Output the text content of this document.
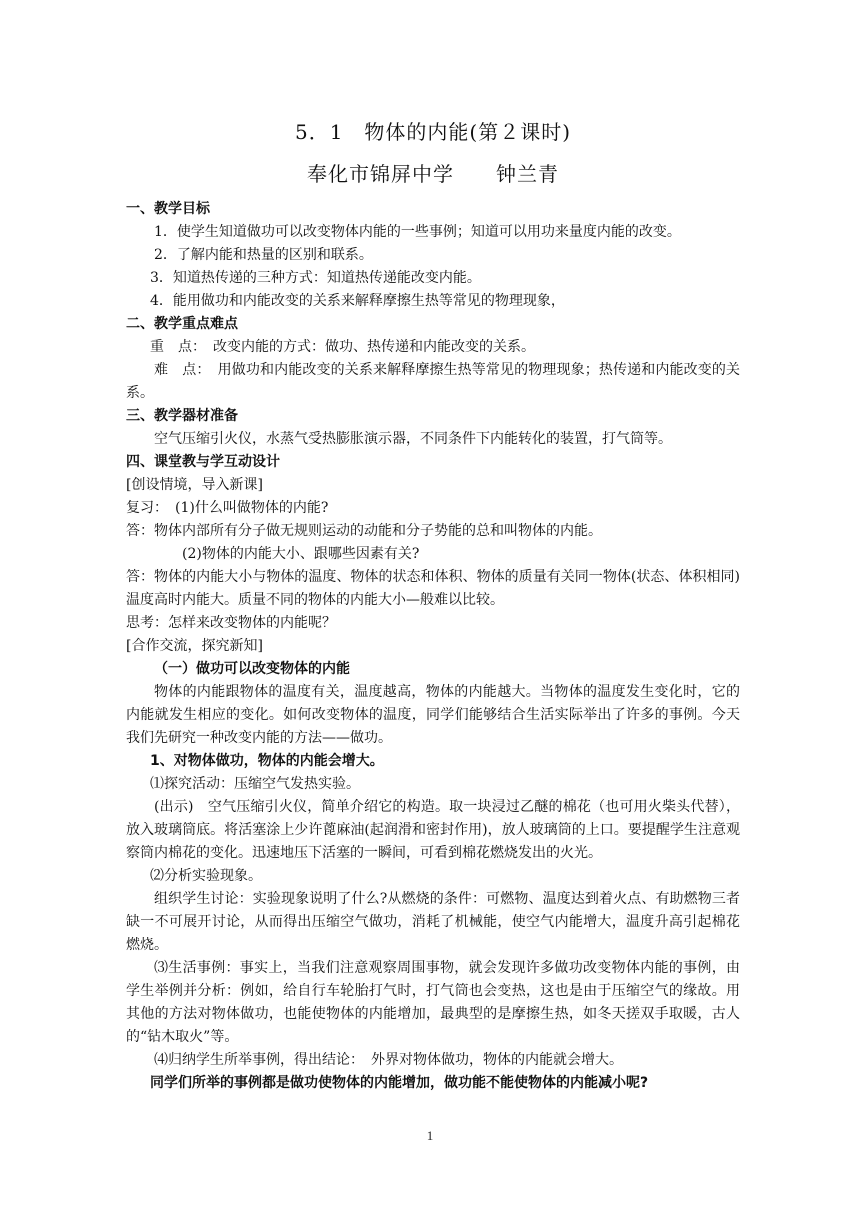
5．1　物体的内能(第２课时)
奉化市锦屏中学　　钟兰青
一、教学目标

1．使学生知道做功可以改变物体内能的一些事例；知道可以用功来量度内能的改变。

2．了解内能和热量的区别和联系。

3．知道热传递的三种方式：知道热传递能改变内能。

4．能用做功和内能改变的关系来解释摩擦生热等常见的物理现象，

二、教学重点难点

重　点：　改变内能的方式：做功、热传递和内能改变的关系。

难　点：　用做功和内能改变的关系来解释摩擦生热等常见的物理现象；热传递和内能改变的关系。

三、教学器材准备

空气压缩引火仪，水蒸气受热膨胀演示器，不同条件下内能转化的装置，打气筒等。

四、课堂教与学互动设计

[创设情境，导入新课]

复习：　(1)什么叫做物体的内能?

答：物体内部所有分子做无规则运动的动能和分子势能的总和叫物体的内能。

(2)物体的内能大小、跟哪些因素有关?

答：物体的内能大小与物体的温度、物体的状态和体积、物体的质量有关同一物体(状态、体积相同)温度高时内能大。质量不同的物体的内能大小—般难以比较。

思考：怎样来改变物体的内能呢？

[合作交流，探究新知]

（一）做功可以改变物体的内能

物体的内能跟物体的温度有关，温度越高，物体的内能越大。当物体的温度发生变化时，它的内能就发生相应的变化。如何改变物体的温度，同学们能够结合生活实际举出了许多的事例。今天我们先研究一种改变内能的方法——做功。

1、对物体做功，物体的内能会增大。

⑴探究活动：压缩空气发热实验。

(出示)　空气压缩引火仪，简单介绍它的构造。取一块浸过乙醚的棉花（也可用火柴头代替），放入玻璃筒底。将活塞涂上少许蓖麻油(起润滑和密封作用)，放人玻璃筒的上口。要提醒学生注意观察筒内棉花的变化。迅速地压下活塞的一瞬间，可看到棉花燃烧发出的火光。

⑵分析实验现象。

组织学生讨论：实验现象说明了什么?从燃烧的条件：可燃物、温度达到着火点、有助燃物三者缺一不可展开讨论，从而得出压缩空气做功，消耗了机械能，使空气内能增大，温度升高引起棉花燃烧。

⑶生活事例：事实上，当我们注意观察周围事物，就会发现许多做功改变物体内能的事例，由学生举例并分析：例如，给自行车轮胎打气时，打气筒也会变热，这也是由于压缩空气的缘故。用其他的方法对物体做功，也能使物体的内能增加，最典型的是摩擦生热，如冬天搓双手取暖，古人的“钻木取火”等。

⑷归纳学生所举事例，得出结论：　外界对物体做功，物体的内能就会增大。

同学们所举的事例都是做功使物体的内能增加，做功能不能使物体的内能减小呢?

1
